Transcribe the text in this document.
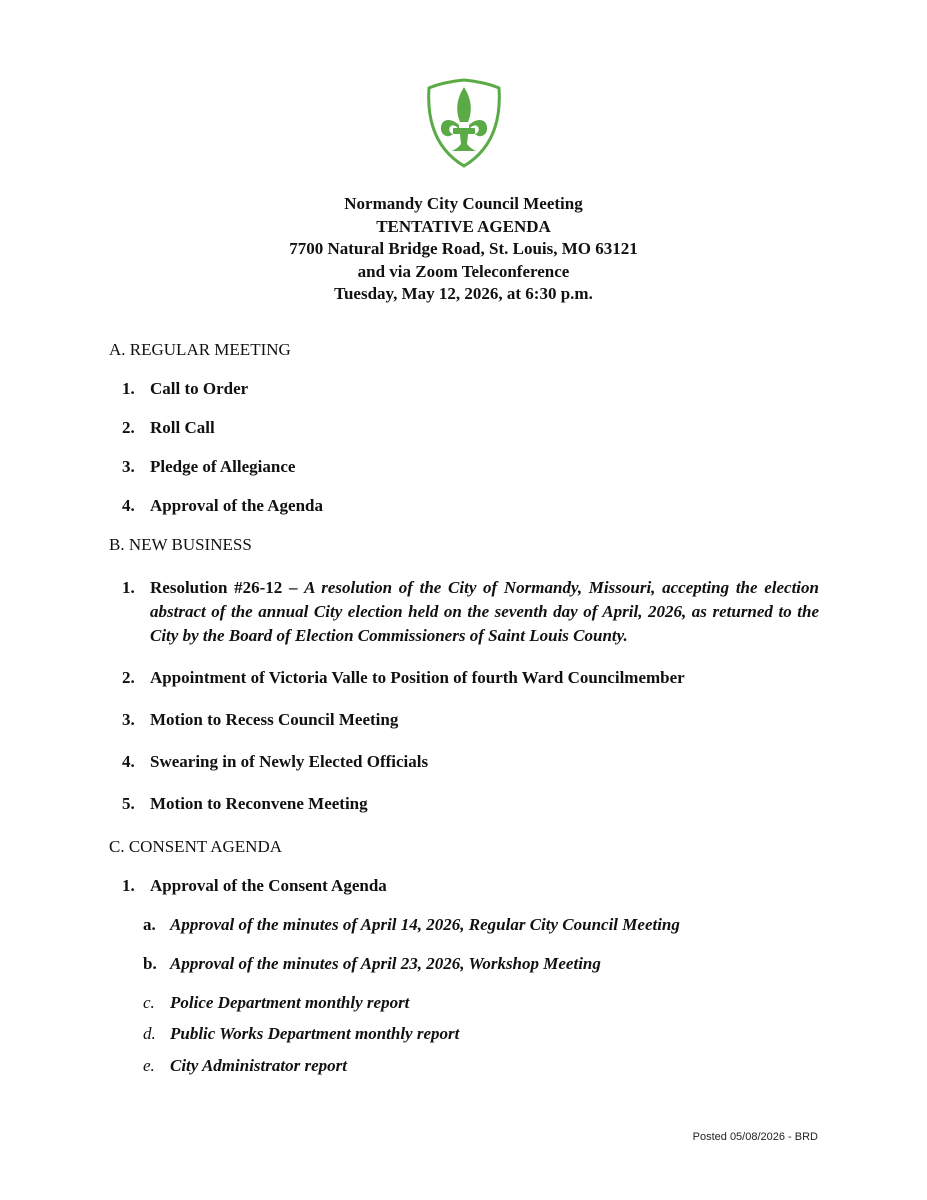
Normandy City Council Meeting
TENTATIVE AGENDA
7700 Natural Bridge Road, St. Louis, MO 63121
and via Zoom Teleconference
Tuesday, May 12, 2026, at 6:30 p.m.
A. REGULAR MEETING
1. Call to Order
2. Roll Call
3. Pledge of Allegiance
4. Approval of the Agenda
B. NEW BUSINESS
1. Resolution #26-12 – A resolution of the City of Normandy, Missouri, accepting the election abstract of the annual City election held on the seventh day of April, 2026, as returned to the City by the Board of Election Commissioners of Saint Louis County.
2. Appointment of Victoria Valle to Position of fourth Ward Councilmember
3. Motion to Recess Council Meeting
4. Swearing in of Newly Elected Officials
5. Motion to Reconvene Meeting
C. CONSENT AGENDA
1. Approval of the Consent Agenda
a. Approval of the minutes of April 14, 2026, Regular City Council Meeting
b. Approval of the minutes of April 23, 2026, Workshop Meeting
c. Police Department monthly report
d. Public Works Department monthly report
e. City Administrator report
Posted 05/08/2026 - BRD
